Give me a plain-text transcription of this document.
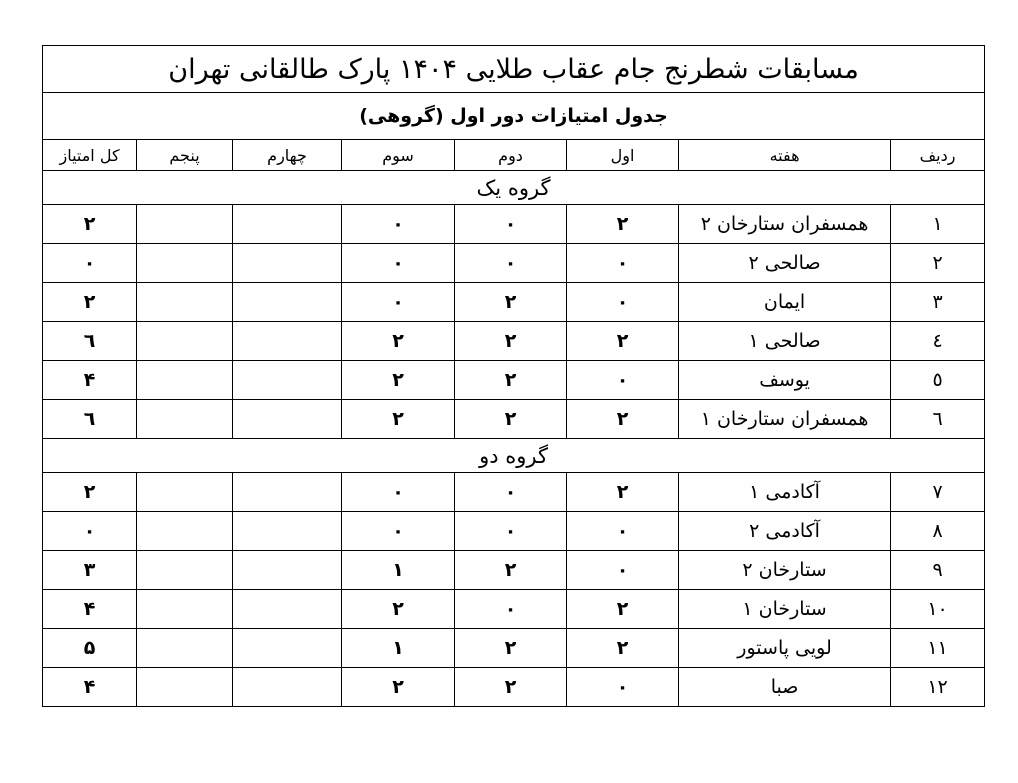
مسابقات شطرنج جام عقاب طلایی ۱۴۰۴ پارک طالقانی تهران							
جدول امتیازات دور اول (گروهی)							
ردیف	هفته	اول	دوم	سوم	چهارم	پنجم	کل امتیاز
گروه یک							
۱	همسفران ستارخان ۲	۲	۰	۰			۲
۲	صالحی ۲	۰	۰	۰			۰
۳	ایمان	۰	۲	۰			۲
٤	صالحی ۱	۲	۲	۲			٦
٥	یوسف	۰	۲	۲			۴
٦	همسفران ستارخان ۱	۲	۲	۲			٦
گروه دو							
۷	آکادمی ۱	۲	۰	۰			۲
۸	آکادمی ۲	۰	۰	۰			۰
۹	ستارخان ۲	۰	۲	۱			۳
۱۰	ستارخان ۱	۲	۰	۲			۴
۱۱	لویی پاستور	۲	۲	۱			۵
۱۲	صبا	۰	۲	۲			۴
